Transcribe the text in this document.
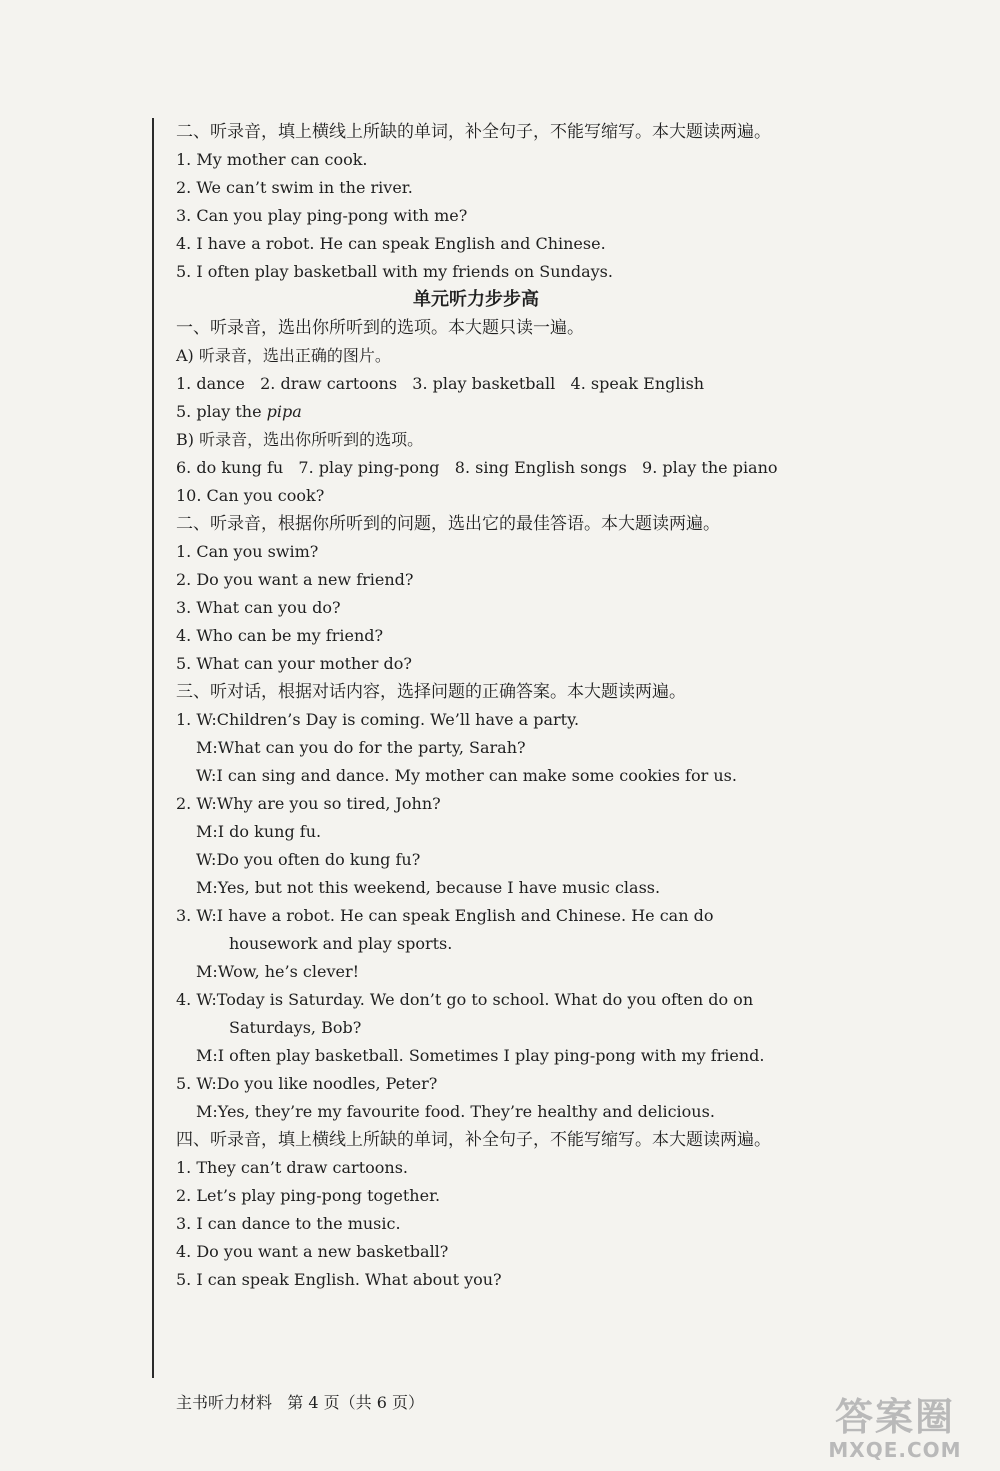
二、听录音，填上横线上所缺的单词，补全句子，不能写缩写。本大题读两遍。
1. My mother can cook.
2. We can’t swim in the river.
3. Can you play ping-pong with me?
4. I have a robot. He can speak English and Chinese.
5. I often play basketball with my friends on Sundays.
单元听力步步高
一、听录音，选出你所听到的选项。本大题只读一遍。
A) 听录音，选出正确的图片。
1. dance   2. draw cartoons   3. play basketball   4. speak English
5. play the pipa
B) 听录音，选出你所听到的选项。
6. do kung fu   7. play ping-pong   8. sing English songs   9. play the piano
10. Can you cook?
二、听录音，根据你所听到的问题，选出它的最佳答语。本大题读两遍。
1. Can you swim?
2. Do you want a new friend?
3. What can you do?
4. Who can be my friend?
5. What can your mother do?
三、听对话，根据对话内容，选择问题的正确答案。本大题读两遍。
1. W:Children’s Day is coming. We’ll have a party.
M:What can you do for the party, Sarah?
W:I can sing and dance. My mother can make some cookies for us.
2. W:Why are you so tired, John?
M:I do kung fu.
W:Do you often do kung fu?
M:Yes, but not this weekend, because I have music class.
3. W:I have a robot. He can speak English and Chinese. He can do housework and play sports.
M:Wow, he’s clever!
4. W:Today is Saturday. We don’t go to school. What do you often do on Saturdays, Bob?
M:I often play basketball. Sometimes I play ping-pong with my friend.
5. W:Do you like noodles, Peter?
M:Yes, they’re my favourite food. They’re healthy and delicious.
四、听录音，填上横线上所缺的单词，补全句子，不能写缩写。本大题读两遍。
1. They can’t draw cartoons.
2. Let’s play ping-pong together.
3. I can dance to the music.
4. Do you want a new basketball?
5. I can speak English. What about you?
主书听力材料   第 4 页（共 6 页）	答案圈
MXQE.COM
